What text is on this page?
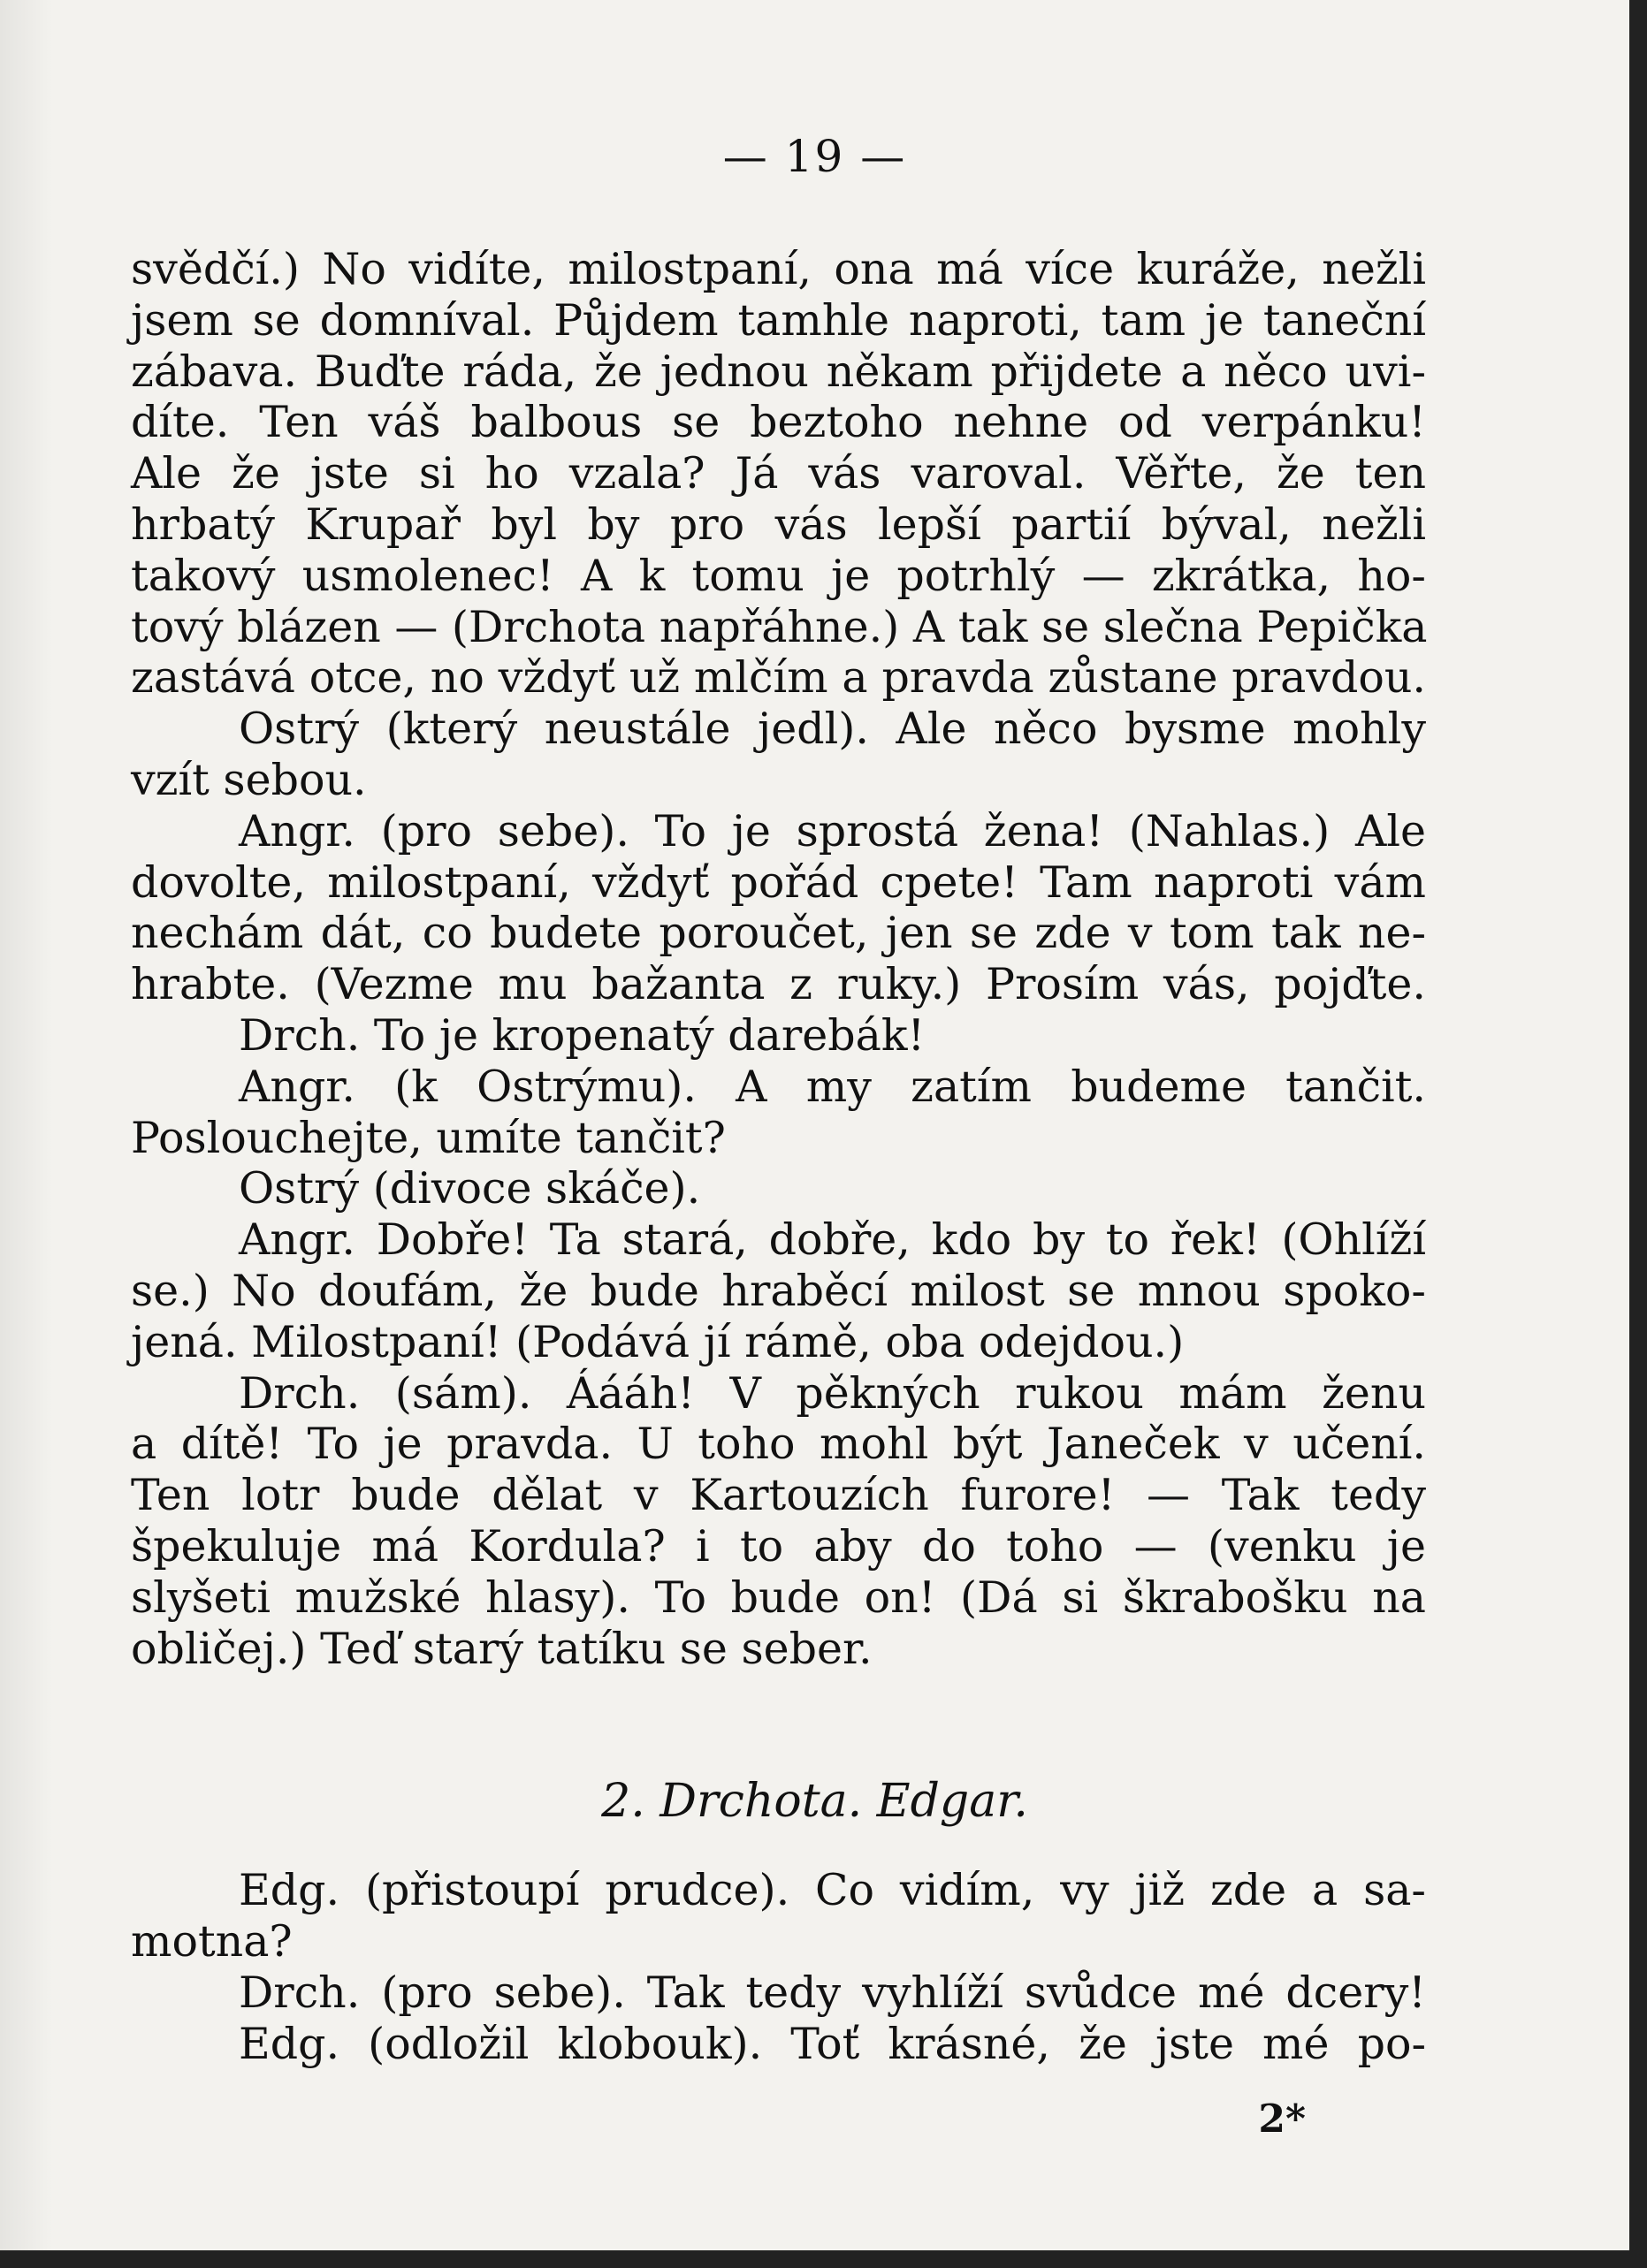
— 19 —
svědčí.) No vidíte, milostpaní, ona má více kuráže, nežli
jsem se domníval. Půjdem tamhle naproti, tam je taneční
zábava. Buďte ráda, že jednou někam přijdete a něco uvi-
díte. Ten váš balbous se beztoho nehne od verpánku!
Ale že jste si ho vzala? Já vás varoval. Věřte, že ten
hrbatý Krupař byl by pro vás lepší partií býval, nežli
takový usmolenec! A k tomu je potrhlý — zkrátka, ho-
tový blázen — (Drchota napřáhne.) A tak se slečna Pepička
zastává otce, no vždyť už mlčím a pravda zůstane pravdou.
Ostrý (který neustále jedl). Ale něco bysme mohly
vzít sebou.
Angr. (pro sebe). To je sprostá žena! (Nahlas.) Ale
dovolte, milostpaní, vždyť pořád cpete! Tam naproti vám
nechám dát, co budete poroučet, jen se zde v tom tak ne-
hrabte. (Vezme mu bažanta z ruky.) Prosím vás, pojďte.
Drch. To je kropenatý darebák!
Angr. (k Ostrýmu). A my zatím budeme tančit.
Posloucheјte, umíte tančit?
Ostrý (divoce skáče).
Angr. Dobře! Ta stará, dobře, kdo by to řek! (Ohlíží
se.) No doufám, že bude hraběcí milost se mnou spoko-
jená. Milostpaní! (Podává jí rámě, oba odejdou.)
Drch. (sám). Áááh! V pěkných rukou mám ženu
a dítě! To je pravda. U toho mohl být Janeček v učení.
Ten lotr bude dělat v Kartouzích furore! — Tak tedy
špekuluje má Kordula? i to aby do toho — (venku je
slyšeti mužské hlasy). To bude on! (Dá si škrabošku na
obličej.) Teď starý tatíku se seber.
2. Drchota. Edgar.
Edg. (přistoupí prudce). Co vidím, vy již zde a sa-
motna?
Drch. (pro sebe). Tak tedy vyhlíží svůdce mé dcery!
Edg. (odložil klobouk). Toť krásné, že jste mé po-
2*
